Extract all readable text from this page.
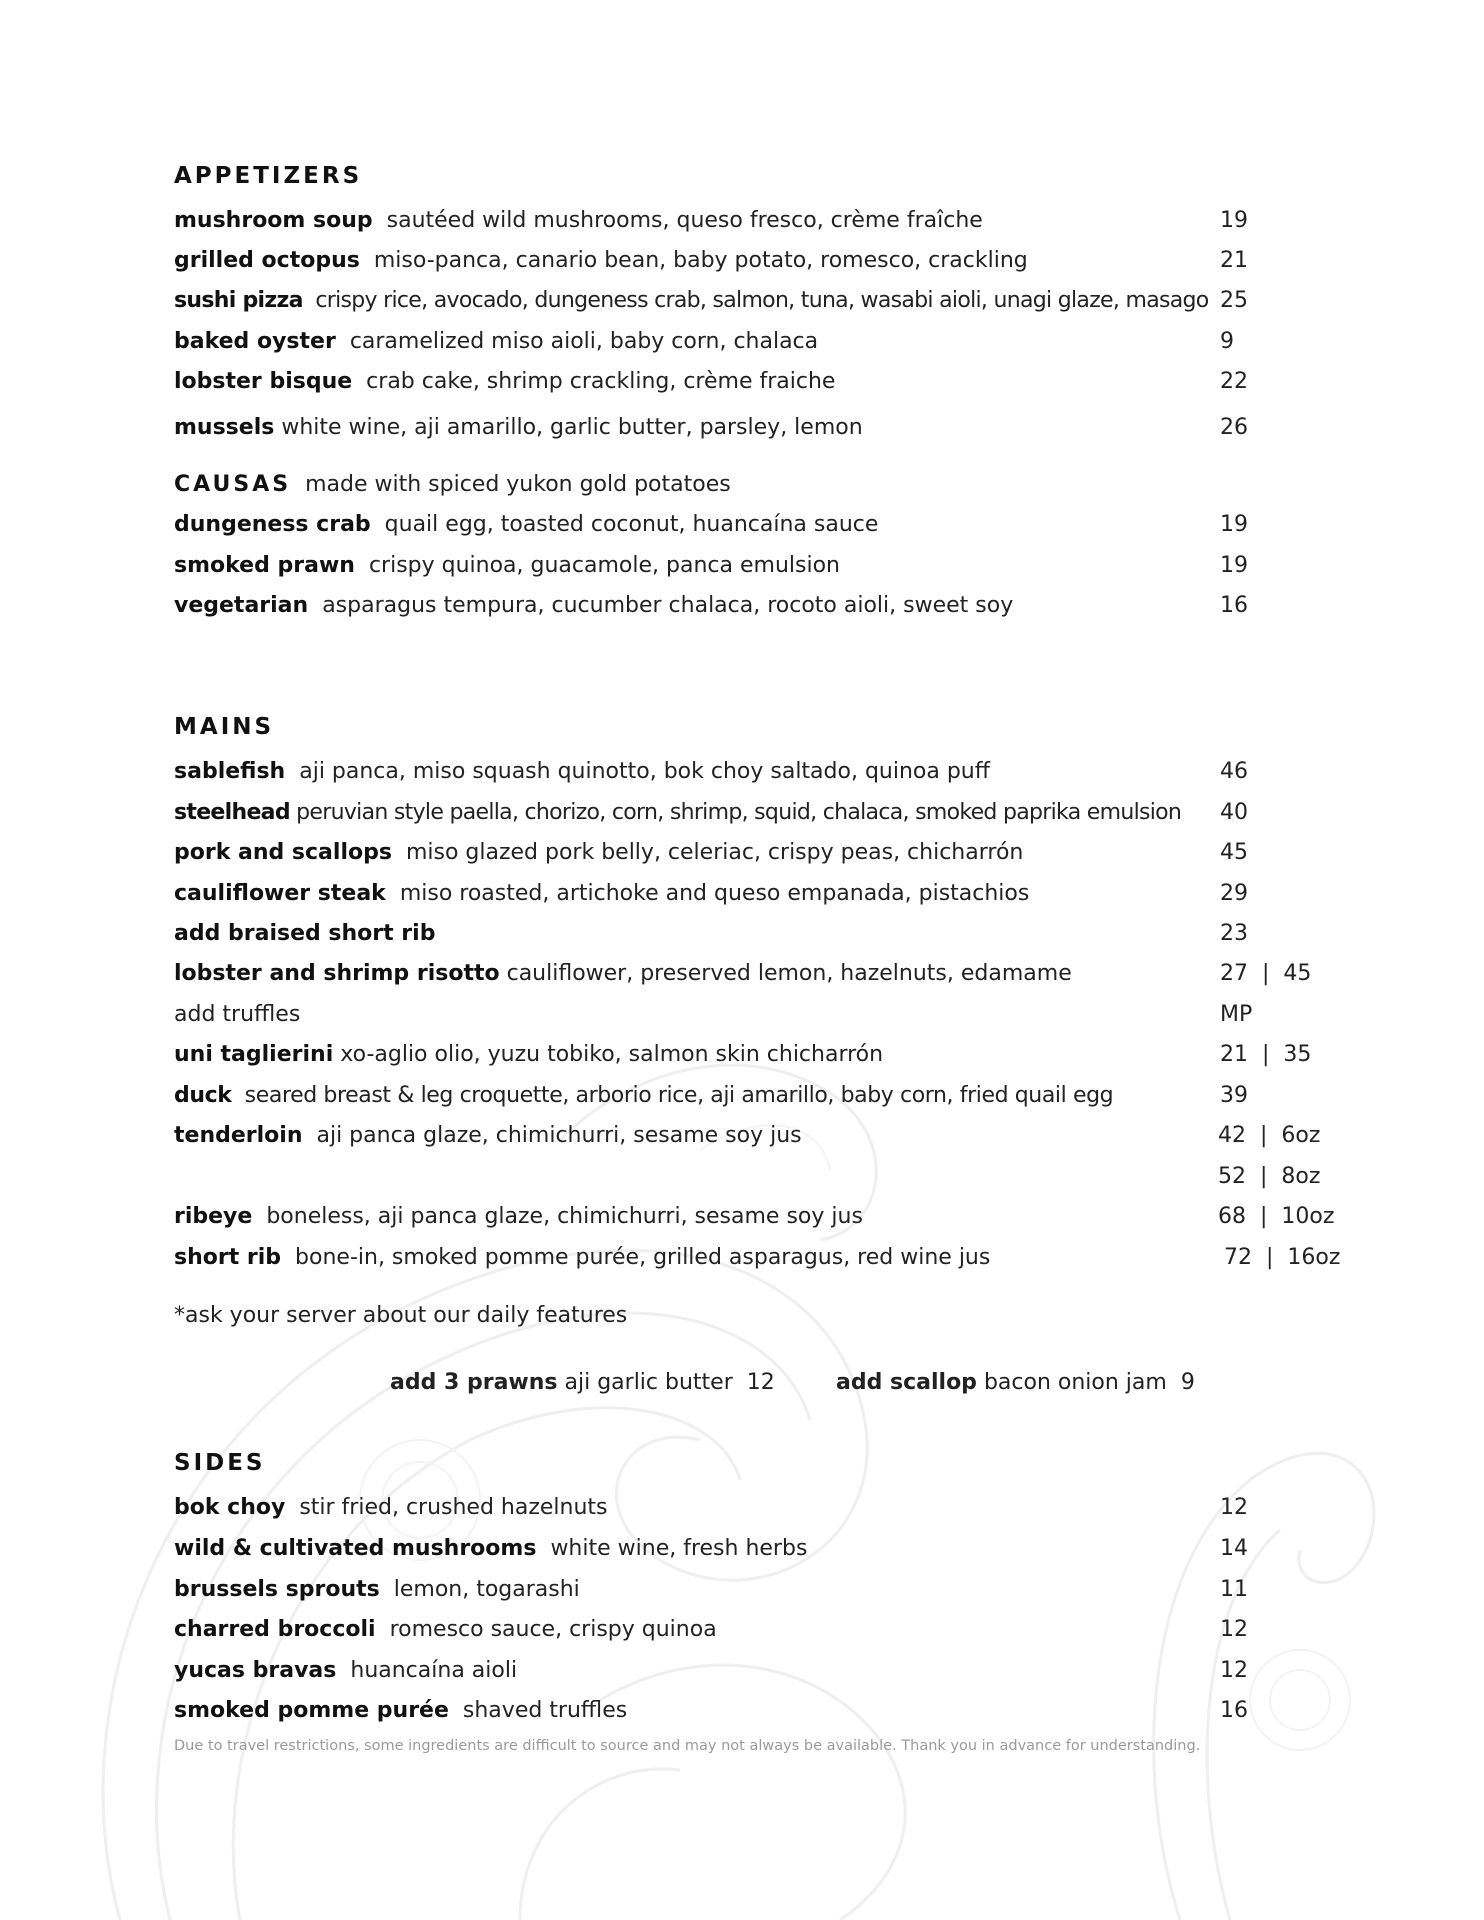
APPETIZERS
mushroom soup sautéed wild mushrooms, queso fresco, crème fraîche	19
grilled octopus miso-panca, canario bean, baby potato, romesco, crackling	21
sushi pizza crispy rice, avocado, dungeness crab, salmon, tuna, wasabi aioli, unagi glaze, masago 25
baked oyster caramelized miso aioli, baby corn, chalaca	9
lobster bisque crab cake, shrimp crackling, crème fraiche	22
mussels white wine, aji amarillo, garlic butter, parsley, lemon	26
CAUSAS made with spiced yukon gold potatoes
dungeness crab quail egg, toasted coconut, huancaína sauce	19
smoked prawn crispy quinoa, guacamole, panca emulsion	19
vegetarian asparagus tempura, cucumber chalaca, rocoto aioli, sweet soy	16
MAINS
sablefish aji panca, miso squash quinotto, bok choy saltado, quinoa puff	46
steelhead peruvian style paella, chorizo, corn, shrimp, squid, chalaca, smoked paprika emulsion 40
pork and scallops miso glazed pork belly, celeriac, crispy peas, chicharrón	45
cauliflower steak miso roasted, artichoke and queso empanada, pistachios	29
add braised short rib	23
lobster and shrimp risotto cauliflower, preserved lemon, hazelnuts, edamame	27  |  45
add truffles	MP
uni taglierini xo-aglio olio, yuzu tobiko, salmon skin chicharrón	21  |  35
duck seared breast & leg croquette, arborio rice, aji amarillo, baby corn, fried quail egg	39
tenderloin aji panca glaze, chimichurri, sesame soy jus	42  |  6oz
52  |  8oz
ribeye boneless, aji panca glaze, chimichurri, sesame soy jus	68  |  10oz
short rib bone-in, smoked pomme purée, grilled asparagus, red wine jus	72  |  16oz
*ask your server about our daily features
add 3 prawns aji garlic butter 12	add scallop bacon onion jam 9
SIDES
bok choy stir fried, crushed hazelnuts	12
wild & cultivated mushrooms white wine, fresh herbs	14
brussels sprouts lemon, togarashi	11
charred broccoli romesco sauce, crispy quinoa	12
yucas bravas huancaína aioli	12
smoked pomme purée shaved truffles	16
Due to travel restrictions, some ingredients are difficult to source and may not always be available. Thank you in advance for understanding.
